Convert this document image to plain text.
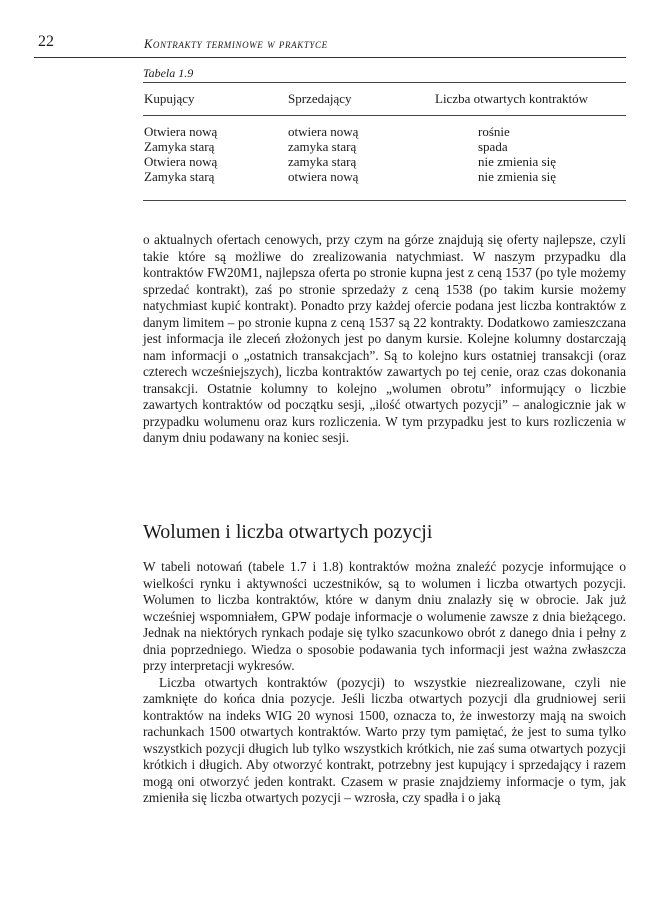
22	Kontrakty terminowe w praktyce
Tabela 1.9
Kupujący	Sprzedający	Liczba otwartych kontraktów
Otwiera nową	otwiera nową	rośnie
Zamyka starą	zamyka starą	spada
Otwiera nową	zamyka starą	nie zmienia się
Zamyka starą	otwiera nową	nie zmienia się

o aktualnych ofertach cenowych, przy czym na górze znajdują się oferty najlepsze, czyli takie które są możliwe do zrealizowania natychmiast. W naszym przypadku dla kontraktów FW20M1, najlepsza oferta po stronie kupna jest z ceną 1537 (po tyle możemy sprzedać kontrakt), zaś po stronie sprzedaży z ceną 1538 (po takim kursie możemy natychmiast kupić kontrakt). Ponadto przy każdej ofercie podana jest liczba kontraktów z danym limitem – po stronie kupna z ceną 1537 są 22 kontrakty. Dodatkowo zamieszczana jest informacja ile zleceń złożonych jest po danym kursie. Kolejne kolumny dostarczają nam informacji o „ostatnich transakcjach”. Są to kolejno kurs ostatniej transakcji (oraz czterech wcześniejszych), liczba kontraktów zawartych po tej cenie, oraz czas dokonania transakcji. Ostatnie kolumny to kolejno „wolumen obrotu” informujący o liczbie zawartych kontraktów od początku sesji, „ilość otwartych pozycji” – analogicznie jak w przypadku wolumenu oraz kurs rozliczenia. W tym przypadku jest to kurs rozliczenia w danym dniu podawany na koniec sesji.

Wolumen i liczba otwartych pozycji

W tabeli notowań (tabele 1.7 i 1.8) kontraktów można znaleźć pozycje informujące o wielkości rynku i aktywności uczestników, są to wolumen i liczba otwartych pozycji. Wolumen to liczba kontraktów, które w danym dniu znalazły się w obrocie. Jak już wcześniej wspomniałem, GPW podaje informacje o wolumenie zawsze z dnia bieżącego. Jednak na niektórych rynkach podaje się tylko szacunkowo obrót z danego dnia i pełny z dnia poprzedniego. Wiedza o sposobie podawania tych informacji jest ważna zwłaszcza przy interpretacji wykresów.

Liczba otwartych kontraktów (pozycji) to wszystkie niezrealizowane, czyli nie zamknięte do końca dnia pozycje. Jeśli liczba otwartych pozycji dla grudniowej serii kontraktów na indeks WIG 20 wynosi 1500, oznacza to, że inwestorzy mają na swoich rachunkach 1500 otwartych kontraktów. Warto przy tym pamiętać, że jest to suma tylko wszystkich pozycji długich lub tylko wszystkich krótkich, nie zaś suma otwartych pozycji krótkich i długich. Aby otworzyć kontrakt, potrzebny jest kupujący i sprzedający i razem mogą oni otworzyć jeden kontrakt. Czasem w prasie znajdziemy informacje o tym, jak zmieniła się liczba otwartych pozycji – wzrosła, czy spadła i o jaką
